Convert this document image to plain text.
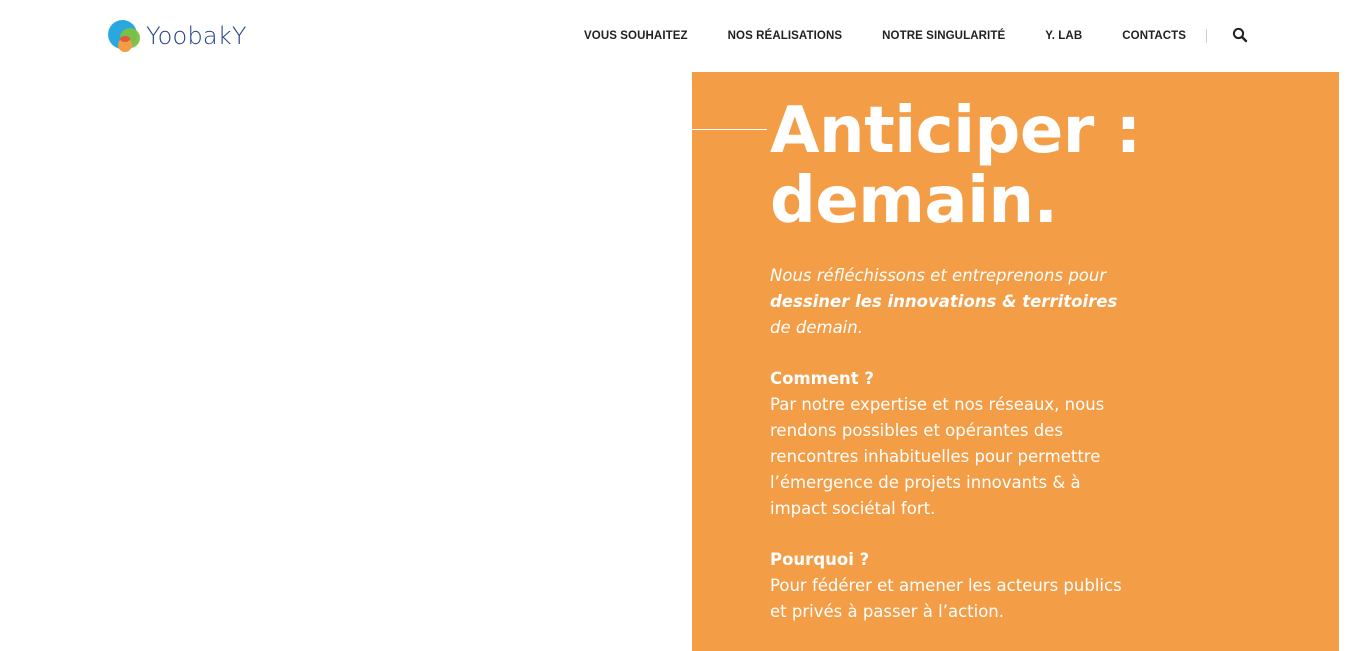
YoobakY	VOUS SOUHAITEZ	NOS RÉALISATIONS	NOTRE SINGULARITÉ	Y. LAB	CONTACTS
Anticiper :
demain.

Nous réfléchissons et entreprenons pour dessiner les innovations & territoires de demain.

Comment ?
Par notre expertise et nos réseaux, nous rendons possibles et opérantes des rencontres inhabituelles pour permettre l’émergence de projets innovants & à impact sociétal fort.
Pourquoi ?
Pour fédérer et amener les acteurs publics et privés à passer à l’action.
